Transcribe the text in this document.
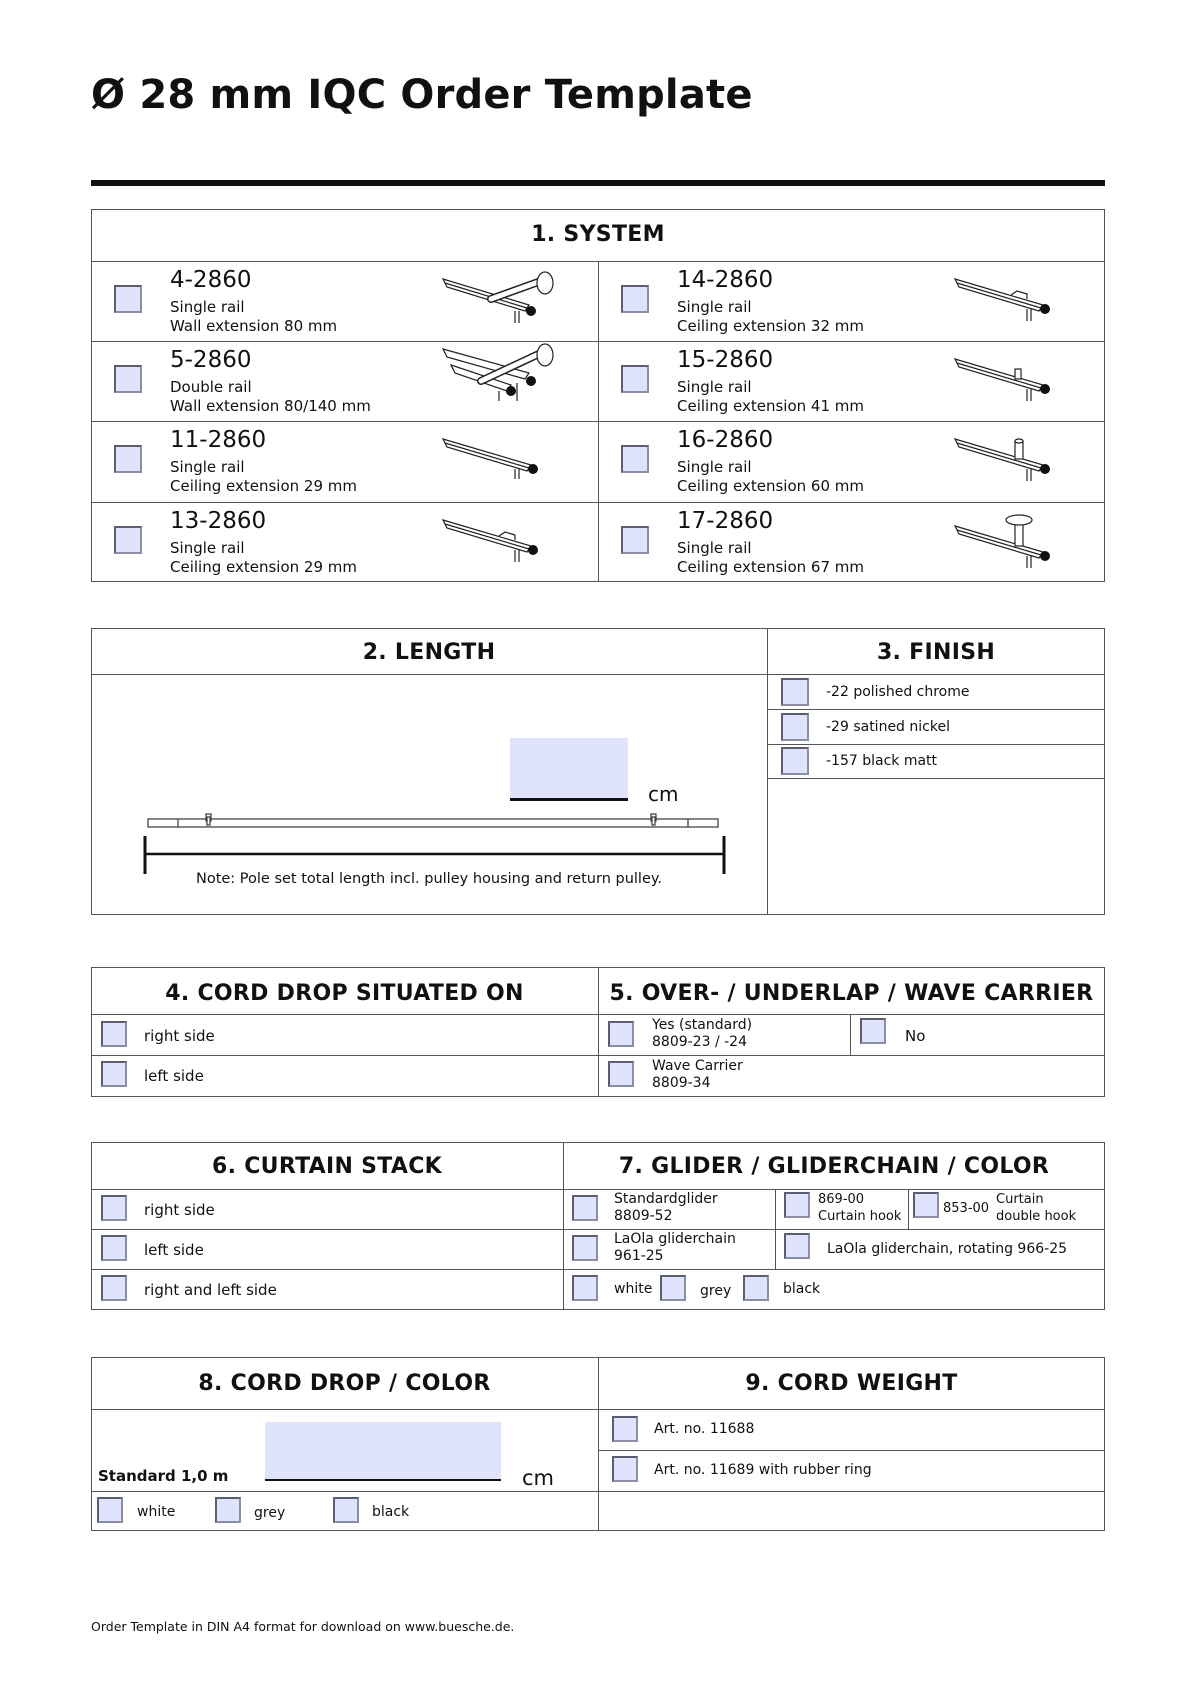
Ø 28 mm IQC Order Template
1. SYSTEM
4-2860
Single rail
Wall extension 80 mm
14-2860
Single rail
Ceiling extension 32 mm
5-2860
Double rail
Wall extension 80/140 mm
15-2860
Single rail
Ceiling extension 41 mm
11-2860
Single rail
Ceiling extension 29 mm
16-2860
Single rail
Ceiling extension 60 mm
13-2860
Single rail
Ceiling extension 29 mm
17-2860
Single rail
Ceiling extension 67 mm
2. LENGTH	3. FINISH
cm
Note: Pole set total length incl. pulley housing and return pulley.
-22 polished chrome
-29 satined nickel
-157 black matt
4. CORD DROP SITUATED ON	5. OVER- / UNDERLAP / WAVE CARRIER
right side
left side
Yes (standard)
8809-23 / -24	No
Wave Carrier
8809-34
6. CURTAIN STACK	7. GLIDER / GLIDERCHAIN / COLOR
right side
left side
right and left side
Standardglider
8809-52
869-00
Curtain hook
853-00
Curtain
double hook
LaOla gliderchain
961-25	LaOla gliderchain, rotating 966-25
white	grey	black
8. CORD DROP / COLOR	9. CORD WEIGHT
Standard 1,0 m	cm
white	grey	black
Art. no. 11688
Art. no. 11689 with rubber ring
Order Template in DIN A4 format for download on www.buesche.de.
